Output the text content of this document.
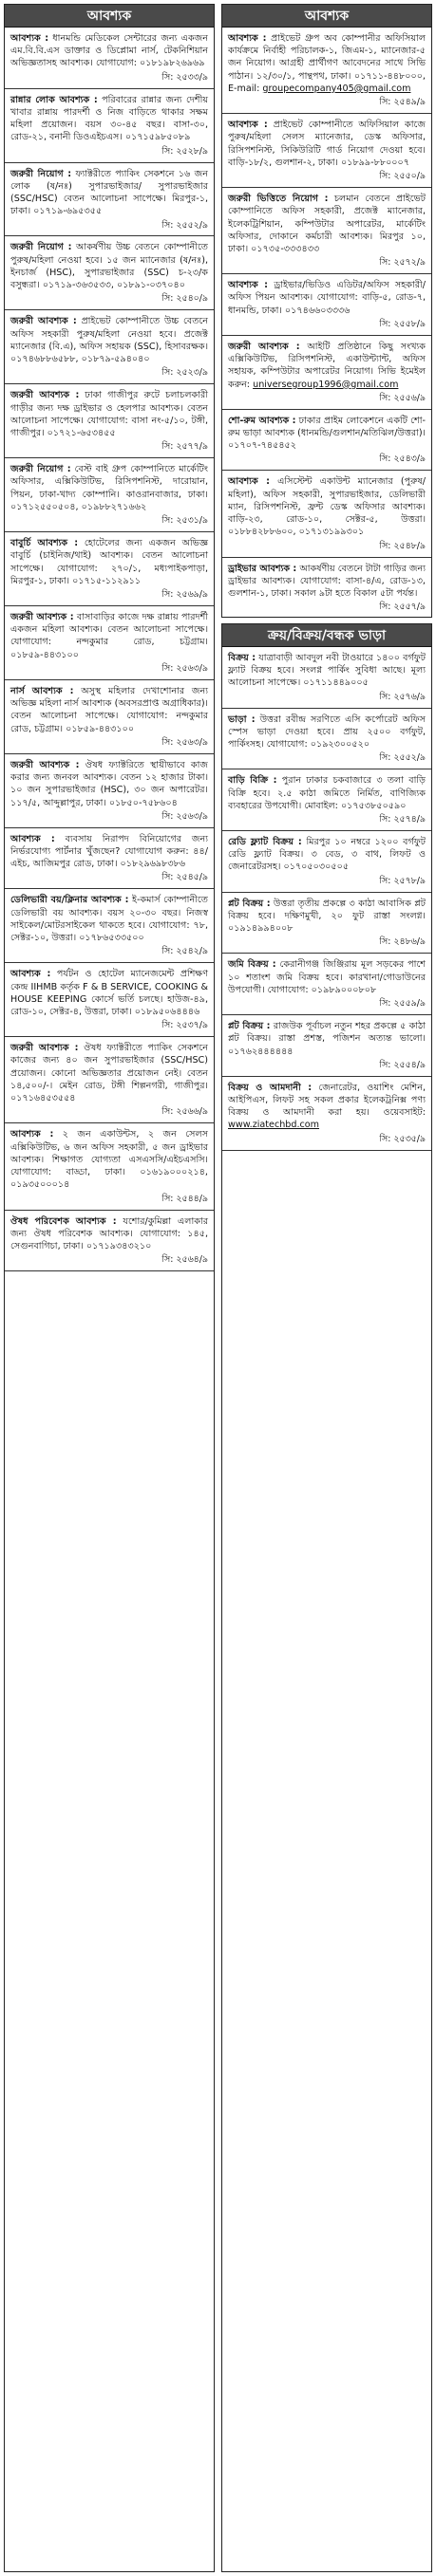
আবশ্যক
আবশ্যক : ধানমন্ডি মেডিকেল সেন্টারের জন্য একজন এম.বি.বি.এস ডাক্তার ও ডিপ্লোমা নার্স, টেকনিশিয়ান অভিজ্ঞতাসহ আবশ্যক। যোগাযোগ: ০১৮১৯৮২৬৯৬৯
সি: ২৫৩৩/৯
রান্নার লোক আবশ্যক : পরিবারের রান্নার জন্য দেশীয় খাবার রান্নায় পারদর্শী ও নিজ বাড়িতে থাকার সক্ষম মহিলা প্রয়োজন। বয়স ৩০-৪৫ বছর। বাসা-৩০, রোড-২১, বনানী ডিওএইচএস। ০১৭১৫৯৮৫০৮৯
সি: ২৫২৮/৯
জরুরী নিয়োগ : ফ্যাক্টরীতে প্যাকিং সেকশনে ১৬ জন লোক (ষ/নঃ) সুপারভাইজার/ সুপারভাইজার (SSC/HSC) বেতন আলোচনা সাপেক্ষে। মিরপুর-১, ঢাকা। ০১৭১৯-৬৯৫৩৫৫
সি: ২৫৫২/৯
জরুরী নিয়োগ : আকর্ষণীয় উচ্চ বেতনে কোম্পানীতে পুরুষ/মহিলা নেওয়া হবে। ১৫ জন ম্যানেজার (ষ/নঃ), ইনচার্জ (HSC), সুপারভাইজার (SSC) চ-২৩/ক বসুন্ধরা। ০১৭১৯-৩৬৩৫৩৩, ০১৮৯১-০৩৭০৪০
সি: ২৫৪০/৯
জরুরী আবশ্যক : প্রাইভেট কোম্পানীতে উচ্চ বেতনে অফিস সহকারী পুরুষ/মহিলা নেওয়া হবে। প্রজেক্ট ম্যানেজার (বি.এ), অফিস সহায়ক (SSC), হিসাবরক্ষক। ০১৭৪৬৮৮৬৫৮৮, ০১৮৭৯-৫৯৪০৪০
সি: ২৫২৩/৯
জরুরী আবশ্যক : ঢাকা গাজীপুর রুটে চলাচলকারী গাড়ীর জন্য দক্ষ ড্রাইভার ও হেলপার আবশ্যক। বেতন আলোচনা সাপেক্ষে। যোগাযোগ: বাসা নং-৫/১০, টঙ্গী, গাজীপুর। ০১৭২১-৬৫৩৪৫৫
সি: ২৫৭৭/৯
জরুরী নিয়োগ : বেস্ট বাই গ্রুপ কোম্পানিতে মার্কেটিং অফিসার, এক্সিকিউটিভ, রিসিপশনিস্ট, দারোয়ান, পিয়ন, ঢাকা-খাদ্য কোম্পানি। কাওরানবাজার, ঢাকা। ০১৭১২৫৫০৫০৪, ০১৯৮৮২৭১৬৬২
সি: ২৫৩১/৯
বাবুর্চি আবশ্যক : হোটেলের জন্য একজন অভিজ্ঞ বাবুর্চি (চাইনিজ/থাই) আবশ্যক। বেতন আলোচনা সাপেক্ষে। যোগাযোগ: ২৭০/১, মধ্যপাইকপাড়া, মিরপুর-১, ঢাকা। ০১৭১৫-১১২৯১১
সি: ২৫৬৯/৯
জরুরী আবশ্যক : বাসাবাড়ির কাজে দক্ষ রান্নায় পারদর্শী একজন মহিলা আবশ্যক। বেতন আলোচনা সাপেক্ষে। যোগাযোগ: নন্দকুমার রোড, চট্টগ্রাম। ০১৮৫৯-৪৪৩১০০
সি: ২৫৬৩/৯
নার্স আবশ্যক : অসুস্থ মহিলার দেখাশোনার জন্য অভিজ্ঞ মহিলা নার্স আবশ্যক (অবসরপ্রাপ্ত অগ্রাধিকার)। বেতন আলোচনা সাপেক্ষে। যোগাযোগ: নন্দকুমার রোড, চট্টগ্রাম। ০১৮৫৯-৪৪৩১০০
সি: ২৫৬৩/৯
জরুরী আবশ্যক : ঔষধ ফ্যাক্টরিতে স্থায়ীভাবে কাজ করার জন্য জনবল আবশ্যক। বেতন ১২ হাজার টাকা। ১০ জন সুপারভাইজার (HSC), ৩০ জন অপারেটর। ১১৭/৫, আব্দুল্লাপুর, ঢাকা। ০১৮৫০-৭৫৮৬০৪
সি: ২৫৬৩/৯
আবশ্যক : ব্যবসায় নিরাপদ বিনিয়োগের জন্য নির্ভরযোগ্য পার্টনার খুঁজছেন? যোগাযোগ করুন: ৪৪/এইচ, আজিমপুর রোড, ঢাকা। ০১৮২৯৬৯৮৩৮৬
সি: ২৫৪৫/৯
ডেলিভারী বয়/ক্লিনার আবশ্যক : ই-কমার্স কোম্পানীতে ডেলিভারী বয় আবশ্যক। বয়স ২০-৩০ বছর। নিজস্ব সাইকেল/মোটরসাইকেল থাকতে হবে। যোগাযোগ: ৭৮, সেক্টর-১০, উত্তরা। ০১৭৮৬৫৩৩৫০০
সি: ২৫৪২/৯
আবশ্যক : পর্যটন ও হোটেল ম্যানেজমেন্ট প্রশিক্ষণ কেন্দ্র IIHMB কর্তৃক F & B SERVICE, COOKING & HOUSE KEEPING কোর্সে ভর্তি চলছে। হাউজ-৪৯, রোড-১০, সেক্টর-৪, উত্তরা, ঢাকা। ০১৮৯৫০৬৪৪৪৬
সি: ২৫৩৭/৯
জরুরী আবশ্যক : ঔষধ ফ্যাক্টরীতে প্যাকিং সেকশনে কাজের জন্য ৪০ জন সুপারভাইজার (SSC/HSC) প্রয়োজন। কোনো অভিজ্ঞতার প্রয়োজন নেই। বেতন ১৪,৫০০/-। মেইন রোড, টঙ্গী শিল্পনগরী, গাজীপুর। ০১৭১৬৪৫৩৫৫৪
সি: ২৫৬৬/৯
আবশ্যক : ২ জন একাউন্টস, ২ জন সেলস এক্সিকিউটিভ, ৬ জন অফিস সহকারী, ৫ জন ড্রাইভার আবশ্যক। শিক্ষাগত যোগ্যতা এসএসসি/এইচএসসি। যোগাযোগ: বাড্ডা, ঢাকা। ০১৬১৯০০০২১৪, ০১৯৩৫০০০১৪
সি: ২৫৪৪/৯
ঔষধ পরিবেশক আবশ্যক : যশোর/কুমিল্লা এলাকার জন্য ঔষধ পরিবেশক আবশ্যক। যোগাযোগ: ১৪৫, সেগুনবাগিচা, ঢাকা। ০১৭১৯৩৪৩২১০
সি: ২৫৬৪/৯
আবশ্যক
আবশ্যক : প্রাইভেট গ্রুপ অব কোম্পানীর অফিসিয়াল কার্যক্রমে নির্বাহী পরিচালক-১, জিএম-১, ম্যানেজার-৫ জন নিয়োগ। আগ্রহী প্রার্থীগণ আবেদনের সাথে সিভি পাঠান। ১২/৩০/১, পান্থপথ, ঢাকা। ০১৭১১-৪৪৮০০০, E-mail: groupecompany405@gmail.com
সি: ২৫৪৯/৯
আবশ্যক : প্রাইভেট কোম্পানীতে অফিসিয়াল কাজে পুরুষ/মহিলা সেলস ম্যানেজার, ডেস্ক অফিসার, রিসিপশনিস্ট, সিকিউরিটি গার্ড নিয়োগ দেওয়া হবে। বাড়ি-১৮/২, গুলশান-২, ঢাকা। ০১৮৯৯-৮৮০০০৭
সি: ২৫৫০/৯
জরুরী ভিত্তিতে নিয়োগ : চলমান বেতনে প্রাইভেট কোম্পানিতে অফিস সহকারী, প্রজেক্ট ম্যানেজার, ইলেকট্রিশিয়ান, কম্পিউটার অপারেটর, মার্কেটিং অফিসার, দোকানে কর্মচারী আবশ্যক। মিরপুর ১০, ঢাকা। ০১৭৩৫-৩৩৩৪৩৩
সি: ২৫৭২/৯
আবশ্যক : ড্রাইভার/ভিডিও এডিটর/অফিস সহকারী/অফিস পিয়ন আবশ্যক। যোগাযোগ: বাড়ি-৫, রোড-৭, ধানমন্ডি, ঢাকা। ০১৭৪৬৬০৩৩৩৬
সি: ২৫৫৮/৯
জরুরী আবশ্যক : আইটি প্রতিষ্ঠানে কিছু সংখ্যক এক্সিকিউটিভ, রিসিপশনিস্ট, একাউন্ট্যান্ট, অফিস সহায়ক, কম্পিউটার অপারেটর নিয়োগ। সিভি ইমেইল করুন: universegroup1996@gmail.com
সি: ২৫৫৬/৯
শো-রুম আবশ্যক : ঢাকার প্রাইম লোকেশনে একটি শো-রুম ভাড়া আবশ্যক (ধানমন্ডি/গুলশান/মতিঝিল/উত্তরা)। ০১৭০৭-৭৪৫৪৫২
সি: ২৫৪৩/৯
আবশ্যক : এসিস্টেন্ট একাউন্ট ম্যানেজার (পুরুষ/মহিলা), অফিস সহকারী, সুপারভাইজার, ডেলিভারী ম্যান, রিসিপশনিস্ট, ফ্রন্ট ডেস্ক অফিসার আবশ্যক। বাড়ি-২৩, রোড-১০, সেক্টর-৫, উত্তরা। ০১৮৮৪২৮৮৬০০, ০১৭১৩১৯৯৩০১
সি: ২৫৪৮/৯
ড্রাইভার আবশ্যক : আকর্ষণীয় বেতনে টাটা গাড়ির জন্য ড্রাইভার আবশ্যক। যোগাযোগ: বাসা-৪/এ, রোড-১৩, গুলশান-১, ঢাকা। সকাল ৯টা হতে বিকাল ৫টা পর্যন্ত।
সি: ২৫৫৭/৯
ক্রয়/বিক্রয়/বন্ধক ভাড়া
বিক্রয় : যাত্রাবাড়ী আবদুল নবী টাওয়ারে ১৪০০ বর্গফুট ফ্ল্যাট বিক্রয় হবে। সংলগ্ন পার্কিং সুবিধা আছে। মূল্য আলোচনা সাপেক্ষে। ০১৭১১৪৪৯০০৫
সি: ২৫৭৬/৯
ভাড়া : উত্তরা রবীন্দ্র সরণিতে এসি কর্পোরেট অফিস স্পেস ভাড়া দেওয়া হবে। প্রায় ২৫০০ বর্গফুট, পার্কিংসহ। যোগাযোগ: ০১৯২৩০০৫২০
সি: ২৫৫২/৯
বাড়ি বিক্রি : পুরান ঢাকার চকবাজারে ৩ তলা বাড়ি বিক্রি হবে। ২.৫ কাঠা জমিতে নির্মিত, বাণিজ্যিক ব্যবহারের উপযোগী। মোবাইল: ০১৭৫৩৮৫০৫৯০
সি: ২৫৭৪/৯
রেডি ফ্ল্যাট বিক্রয় : মিরপুর ১০ নম্বরে ১২০০ বর্গফুট রেডি ফ্ল্যাট বিক্রয়। ৩ বেড, ৩ বাথ, লিফট ও জেনারেটরসহ। ০১৭০৫০৩০৫০৫
সি: ২৫৭৮/৯
প্লট বিক্রয় : উত্তরা তৃতীয় প্রকল্পে ৩ কাঠা আবাসিক প্লট বিক্রয় হবে। দক্ষিণমুখী, ২০ ফুট রাস্তা সংলগ্ন। ০১৯১৪৯৯৪০০৮
সি: ২৪৮৬/৯
জমি বিক্রয় : কেরানীগঞ্জ জিঞ্জিরায় মূল সড়কের পাশে ১০ শতাংশ জমি বিক্রয় হবে। কারখানা/গোডাউনের উপযোগী। যোগাযোগ: ০১৯৮৯০০০৮০৮
সি: ২৫৫৯/৯
প্লট বিক্রয় : রাজউক পূর্বাচল নতুন শহর প্রকল্পে ৫ কাঠা প্লট বিক্রয়। রাস্তা প্রশস্ত, পজিশন অত্যন্ত ভালো। ০১৭৬২৪৪৪৪৪৪
সি: ২৫৫৪/৯
বিক্রয় ও আমদানী : জেনারেটর, ওয়াশিং মেশিন, আইপিএস, লিফট সহ সকল প্রকার ইলেকট্রনিক্স পণ্য বিক্রয় ও আমদানী করা হয়। ওয়েবসাইট: www.ziatechbd.com
সি: ২৫৩৫/৯
